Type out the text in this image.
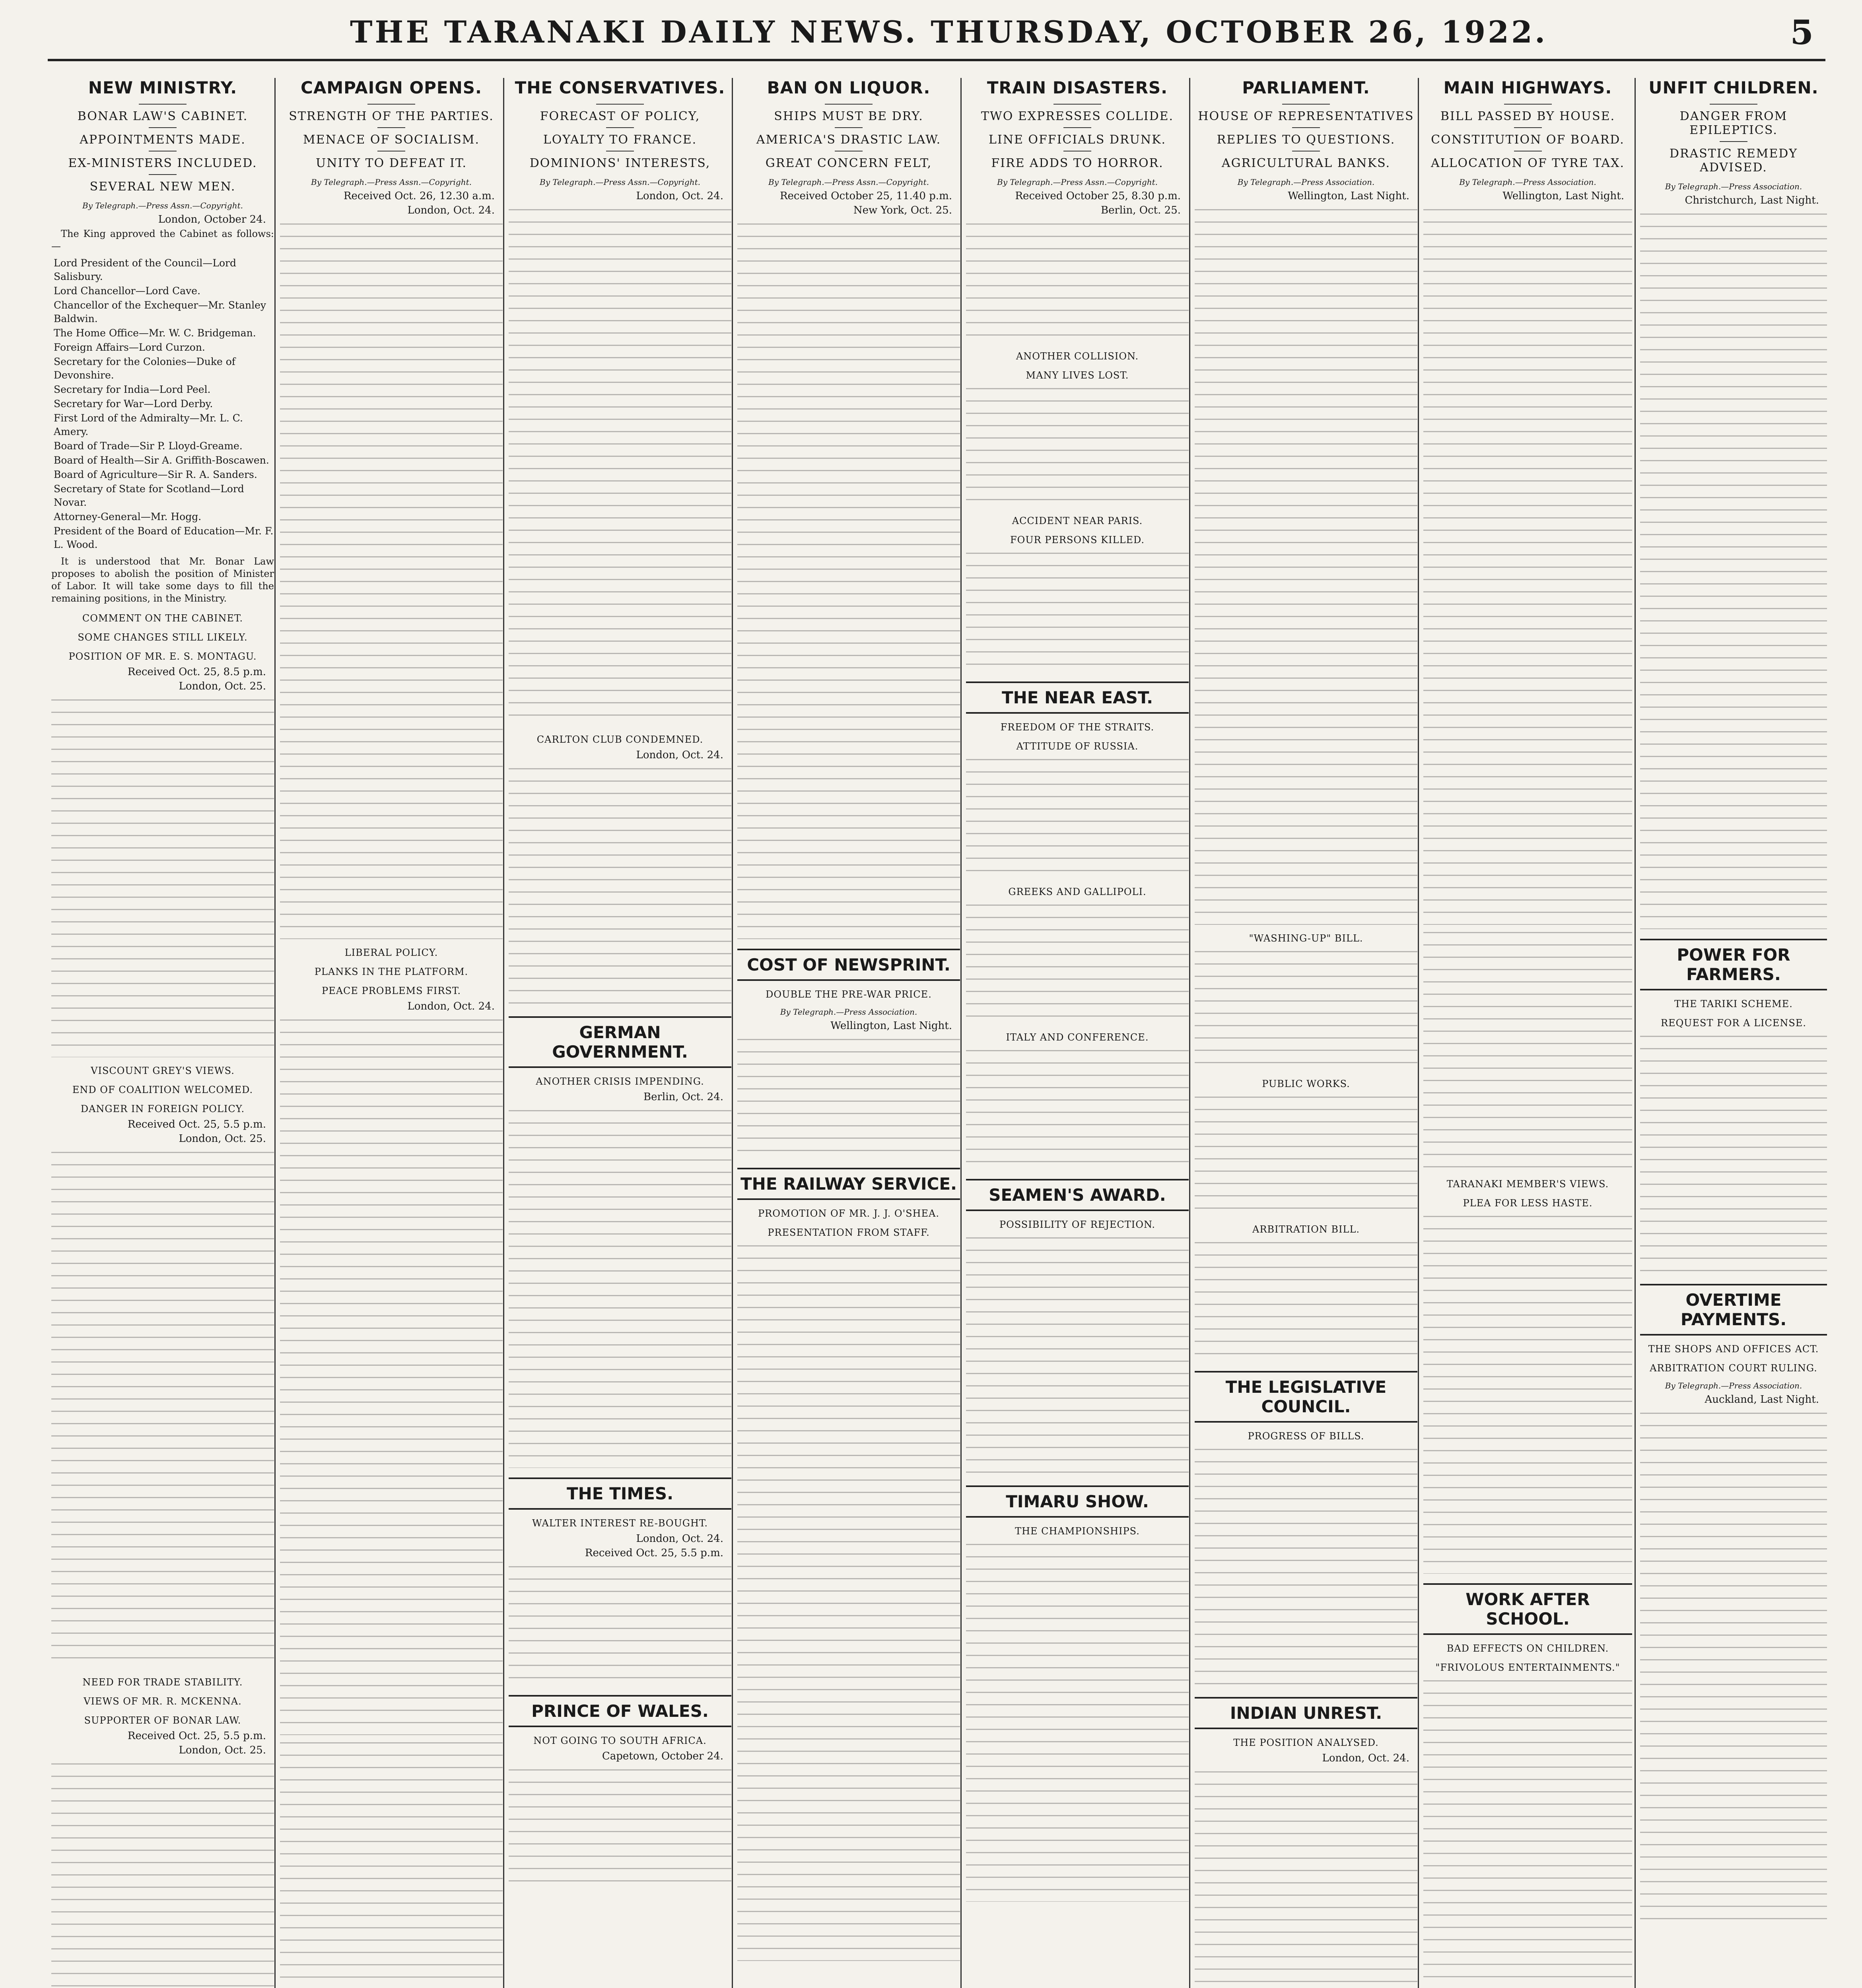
THE TARANAKI DAILY NEWS. THURSDAY, OCTOBER 26, 1922.	5
NEW MINISTRY.
BONAR LAW'S CABINET.
APPOINTMENTS MADE.
EX-MINISTERS INCLUDED.
SEVERAL NEW MEN.
By Telegraph.—Press Assn.—Copyright.
London, October 24.

The King approved the Cabinet as follows:—

Lord President of the Council—Lord Salisbury.
Lord Chancellor—Lord Cave.
Chancellor of the Exchequer—Mr. Stanley Baldwin.
The Home Office—Mr. W. C. Bridgeman.
Foreign Affairs—Lord Curzon.
Secretary for the Colonies—Duke of Devonshire.
Secretary for India—Lord Peel.
Secretary for War—Lord Derby.
First Lord of the Admiralty—Mr. L. C. Amery.
Board of Trade—Sir P. Lloyd-Greame.
Board of Health—Sir A. Griffith-Boscawen.
Board of Agriculture—Sir R. A. Sanders.
Secretary of State for Scotland—Lord Novar.
Attorney-General—Mr. Hogg.
President of the Board of Education—Mr. F. L. Wood.

It is understood that Mr. Bonar Law proposes to abolish the position of Minister of Labor. It will take some days to fill the remaining positions, in the Ministry.

COMMENT ON THE CABINET.
SOME CHANGES STILL LIKELY.
POSITION OF MR. E. S. MONTAGU.
Received Oct. 25, 8.5 p.m.
London, Oct. 25.
VISCOUNT GREY'S VIEWS.
END OF COALITION WELCOMED.
DANGER IN FOREIGN POLICY.
Received Oct. 25, 5.5 p.m.
London, Oct. 25.
NEED FOR TRADE STABILITY.
VIEWS OF MR. R. MCKENNA.
SUPPORTER OF BONAR LAW.
Received Oct. 25, 5.5 p.m.
London, Oct. 25.
CAMPAIGN OPENS.
STRENGTH OF THE PARTIES.
MENACE OF SOCIALISM.
UNITY TO DEFEAT IT.
By Telegraph.—Press Assn.—Copyright.
Received Oct. 26, 12.30 a.m.
London, Oct. 24.
LIBERAL POLICY.
PLANKS IN THE PLATFORM.
PEACE PROBLEMS FIRST.
London, Oct. 24.
THE CONSERVATIVES.
FORECAST OF POLICY,
LOYALTY TO FRANCE.
DOMINIONS' INTERESTS,
By Telegraph.—Press Assn.—Copyright.
London, Oct. 24.
CARLTON CLUB CONDEMNED.
London, Oct. 24.
GERMAN GOVERNMENT.
ANOTHER CRISIS IMPENDING.
Berlin, Oct. 24.
THE TIMES.
WALTER INTEREST RE-BOUGHT.
London, Oct. 24.
Received Oct. 25, 5.5 p.m.
PRINCE OF WALES.
NOT GOING TO SOUTH AFRICA.
Capetown, October 24.
BAN ON LIQUOR.
SHIPS MUST BE DRY.
AMERICA'S DRASTIC LAW.
GREAT CONCERN FELT,
By Telegraph.—Press Assn.—Copyright.
Received October 25, 11.40 p.m.
New York, Oct. 25.
COST OF NEWSPRINT.
DOUBLE THE PRE-WAR PRICE.
By Telegraph.—Press Association.
Wellington, Last Night.
THE RAILWAY SERVICE.
PROMOTION OF MR. J. J. O'SHEA.
PRESENTATION FROM STAFF.
TRAIN DISASTERS.
TWO EXPRESSES COLLIDE.
LINE OFFICIALS DRUNK.
FIRE ADDS TO HORROR.
By Telegraph.—Press Assn.—Copyright.
Received October 25, 8.30 p.m.
Berlin, Oct. 25.
ANOTHER COLLISION.
MANY LIVES LOST.
ACCIDENT NEAR PARIS.
FOUR PERSONS KILLED.
THE NEAR EAST.
FREEDOM OF THE STRAITS.
ATTITUDE OF RUSSIA.
GREEKS AND GALLIPOLI.
ITALY AND CONFERENCE.
SEAMEN'S AWARD.
POSSIBILITY OF REJECTION.
TIMARU SHOW.
THE CHAMPIONSHIPS.
PARLIAMENT.
HOUSE OF REPRESENTATIVES
REPLIES TO QUESTIONS.
AGRICULTURAL BANKS.
By Telegraph.—Press Association.
Wellington, Last Night.
"WASHING-UP" BILL.
PUBLIC WORKS.
ARBITRATION BILL.
THE LEGISLATIVE COUNCIL.
PROGRESS OF BILLS.
INDIAN UNREST.
THE POSITION ANALYSED.
London, Oct. 24.
MAIN HIGHWAYS.
BILL PASSED BY HOUSE.
CONSTITUTION OF BOARD.
ALLOCATION OF TYRE TAX.
By Telegraph.—Press Association.
Wellington, Last Night.
TARANAKI MEMBER'S VIEWS.
PLEA FOR LESS HASTE.
WORK AFTER SCHOOL.
BAD EFFECTS ON CHILDREN.
"FRIVOLOUS ENTERTAINMENTS."
UNFIT CHILDREN.
DANGER FROM EPILEPTICS.
DRASTIC REMEDY ADVISED.
By Telegraph.—Press Association.
Christchurch, Last Night.
POWER FOR FARMERS.
THE TARIKI SCHEME.
REQUEST FOR A LICENSE.
OVERTIME PAYMENTS.
THE SHOPS AND OFFICES ACT.
ARBITRATION COURT RULING.
By Telegraph.—Press Association.
Auckland, Last Night.
